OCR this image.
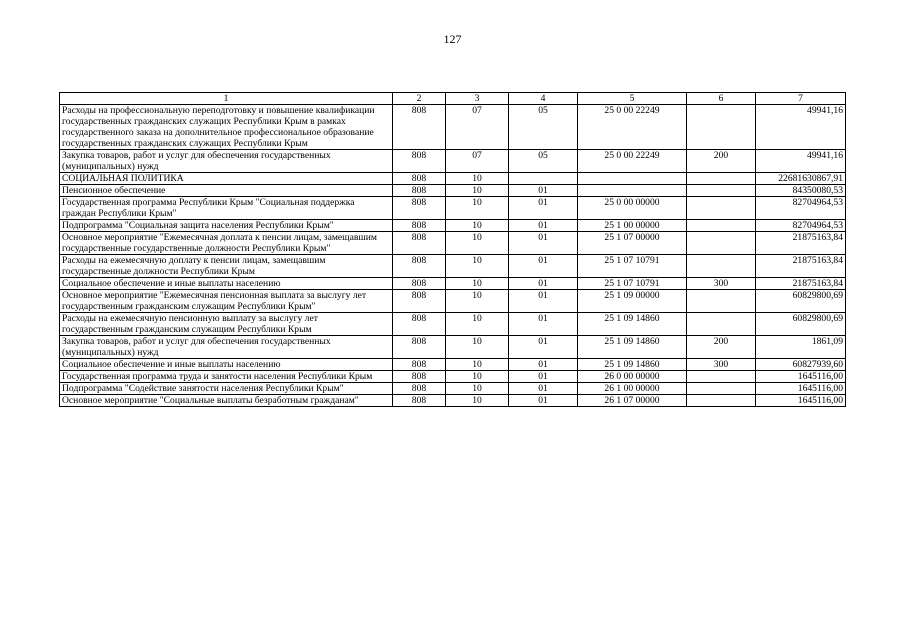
127
1	2	3	4	5	6	7
Расходы на профессиональную переподготовку и повышение квалификации государственных гражданских служащих Республики Крым в рамках государственного заказа на дополнительное профессиональное образование государственных гражданских служащих Республики Крым	808	07	05	25 0 00 22249		49941,16
Закупка товаров, работ и услуг для обеспечения государственных (муниципальных) нужд	808	07	05	25 0 00 22249	200	49941,16
СОЦИАЛЬНАЯ ПОЛИТИКА	808	10				22681630867,91
Пенсионное обеспечение	808	10	01			84350080,53
Государственная программа Республики Крым "Социальная поддержка граждан Республики Крым"	808	10	01	25 0 00 00000		82704964,53
Подпрограмма "Социальная защита населения Республики Крым"	808	10	01	25 1 00 00000		82704964,53
Основное мероприятие "Ежемесячная доплата к пенсии лицам, замещавшим государственные государственные должности Республики Крым"	808	10	01	25 1 07 00000		21875163,84
Расходы на ежемесячную доплату к пенсии лицам, замещавшим государственные должности Республики Крым	808	10	01	25 1 07 10791		21875163,84
Социальное обеспечение и иные выплаты населению	808	10	01	25 1 07 10791	300	21875163,84
Основное мероприятие "Ежемесячная пенсионная выплата за выслугу лет государственным гражданским служащим Республики Крым"	808	10	01	25 1 09 00000		60829800,69
Расходы на ежемесячную пенсионную выплату за выслугу лет государственным гражданским служащим Республики Крым	808	10	01	25 1 09 14860		60829800,69
Закупка товаров, работ и услуг для обеспечения государственных (муниципальных) нужд	808	10	01	25 1 09 14860	200	1861,09
Социальное обеспечение и иные выплаты населению	808	10	01	25 1 09 14860	300	60827939,60
Государственная программа труда и занятости населения Республики Крым	808	10	01	26 0 00 00000		1645116,00
Подпрограмма "Содействие занятости населения Республики Крым"	808	10	01	26 1 00 00000		1645116,00
Основное мероприятие "Социальные выплаты безработным гражданам"	808	10	01	26 1 07 00000		1645116,00
